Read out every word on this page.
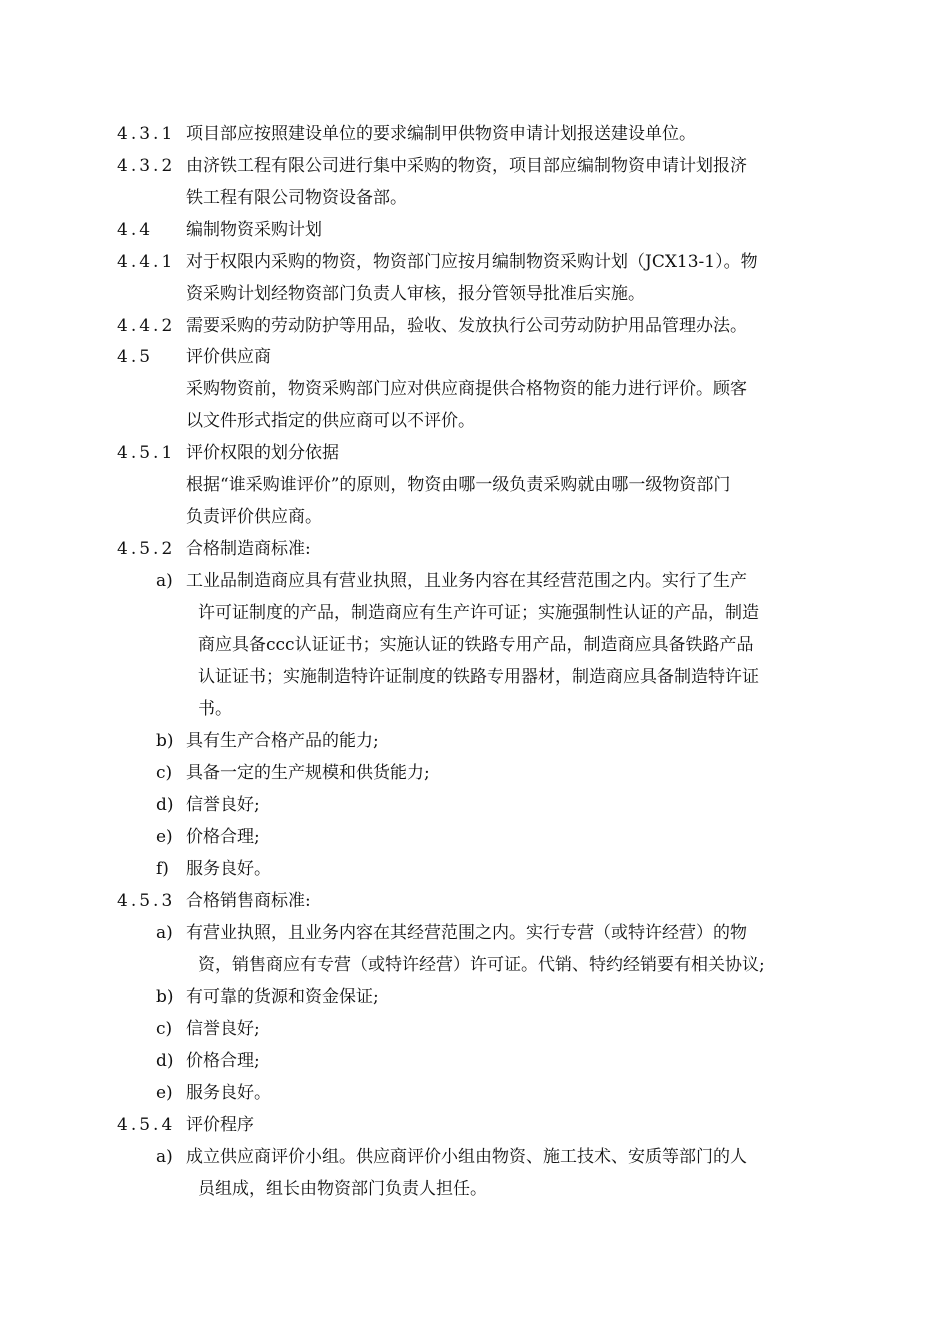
4.3.1 项目部应按照建设单位的要求编制甲供物资申请计划报送建设单位。
4.3.2 由济铁工程有限公司进行集中采购的物资，项目部应编制物资申请计划报济
铁工程有限公司物资设备部。
4.4 编制物资采购计划
4.4.1 对于权限内采购的物资，物资部门应按月编制物资采购计划（JCX13-1）。物
资采购计划经物资部门负责人审核，报分管领导批准后实施。
4.4.2 需要采购的劳动防护等用品，验收、发放执行公司劳动防护用品管理办法。
4.5 评价供应商
采购物资前，物资采购部门应对供应商提供合格物资的能力进行评价。顾客
以文件形式指定的供应商可以不评价。
4.5.1 评价权限的划分依据
根据“谁采购谁评价”的原则，物资由哪一级负责采购就由哪一级物资部门
负责评价供应商。
4.5.2 合格制造商标准:
a) 工业品制造商应具有营业执照，且业务内容在其经营范围之内。实行了生产
许可证制度的产品，制造商应有生产许可证；实施强制性认证的产品，制造
商应具备ccc认证证书；实施认证的铁路专用产品，制造商应具备铁路产品
认证证书；实施制造特许证制度的铁路专用器材，制造商应具备制造特许证
书。
b) 具有生产合格产品的能力;
c) 具备一定的生产规模和供货能力;
d) 信誉良好;
e) 价格合理;
f) 服务良好。
4.5.3 合格销售商标准:
a) 有营业执照，且业务内容在其经营范围之内。实行专营（或特许经营）的物
资，销售商应有专营（或特许经营）许可证。代销、特约经销要有相关协议;
b) 有可靠的货源和资金保证;
c) 信誉良好;
d) 价格合理;
e) 服务良好。
4.5.4 评价程序
a) 成立供应商评价小组。供应商评价小组由物资、施工技术、安质等部门的人
员组成，组长由物资部门负责人担任。
